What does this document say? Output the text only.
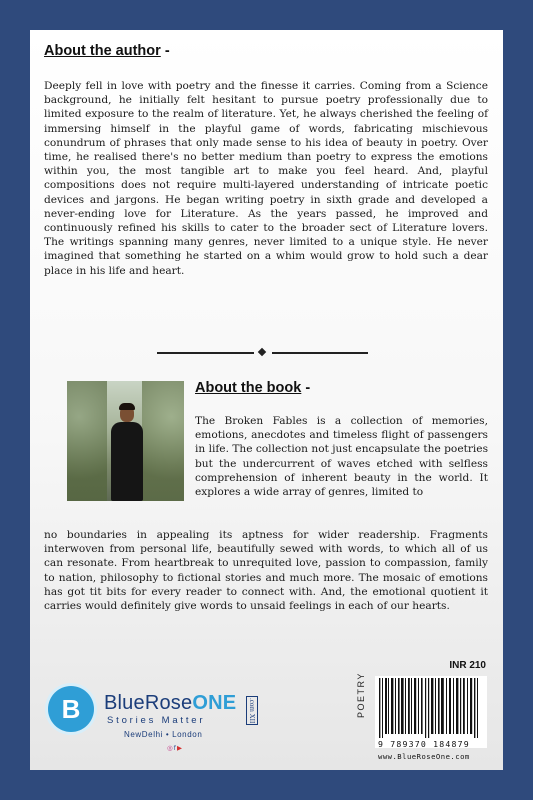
About the author -

Deeply fell in love with poetry and the finesse it carries. Coming from a Science background, he initially felt hesitant to pursue poetry professionally due to limited exposure to the realm of literature. Yet, he always cherished the feeling of immersing himself in the playful game of words, fabricating mischievous conundrum of phrases that only made sense to his idea of beauty in poetry. Over time, he realised there's no better medium than poetry to express the emotions within you, the most tangible art to make you feel heard. And, playful compositions does not require multi-layered understanding of intricate poetic devices and jargons. He began writing poetry in sixth grade and developed a never-ending love for Literature. As the years passed, he improved and continuously refined his skills to cater to the broader sect of Literature lovers. The writings spanning many genres, never limited to a unique style. He never imagined that something he started on a whim would grow to hold such a dear place in his life and heart.

About the book -

The Broken Fables is a collection of memories, emotions, anecdotes and timeless flight of passengers in life. The collection not just encapsulate the poetries but the undercurrent of waves etched with selfless comprehension of inherent beauty in the world. It explores a wide array of genres, limited to

no boundaries in appealing its aptness for wider readership. Fragments interwoven from personal life, beautifully sewed with words, to which all of us can resonate. From heartbreak to unrequited love, passion to compassion, family to nation, philosophy to fictional stories and much more. The mosaic of emotions has got tit bits for every reader to connect with. And, the emotional quotient it carries would definitely give words to unsaid feelings in each of our hearts.

INR 210
POETRY
9 789370 184879
www.BlueRoseOne.com
B	BlueRoseONE .com XII
Stories Matter
NewDelhi • London
◎f▶
